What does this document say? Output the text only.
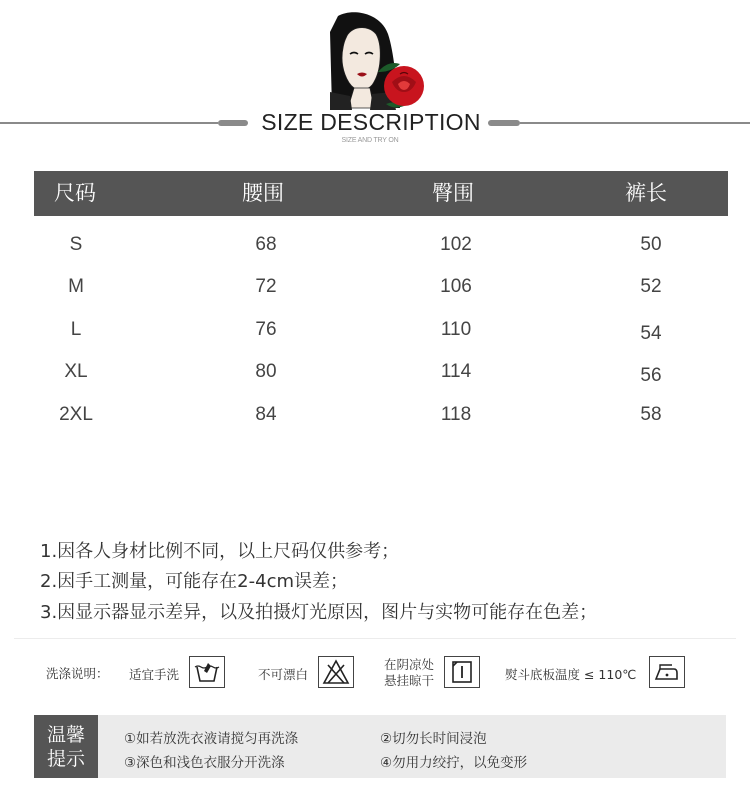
SIZE DESCRIPTION
SIZE AND TRY ON
尺码	腰围	臀围	裤长
S	68	102	50
M	72	106	52
L	76	110	54
XL	80	114	56
2XL	84	118	58
1.因各人身材比例不同，以上尺码仅供参考；
2.因手工测量，可能存在2-4cm误差；
3.因显示器显示差异，以及拍摄灯光原因，图片与实物可能存在色差；
洗涤说明： 适宜手洗	不可漂白
在阴凉处
悬挂晾干	熨斗底板温度 ≤ 110℃
温馨
提示
①如若放洗衣液请搅匀再洗涤	②切勿长时间浸泡
③深色和浅色衣服分开洗涤	④勿用力绞拧，以免变形
